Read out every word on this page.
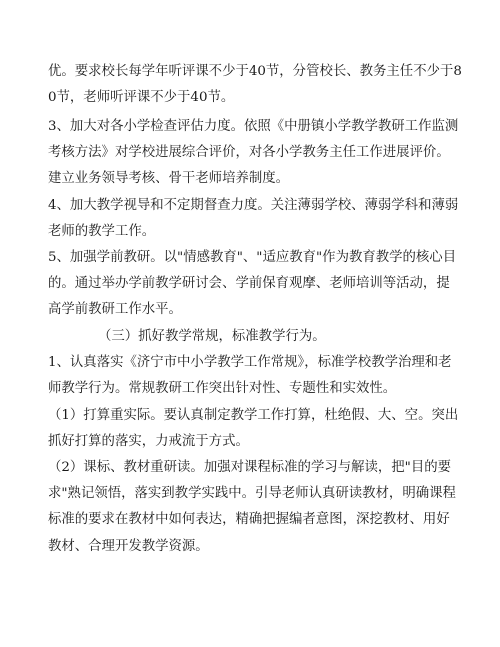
优。要求校长每学年听评课不少于40节，分管校长、教务主任不少于8
0节，老师听评课不少于40节。
3、加大对各小学检查评估力度。依照《中册镇小学教学教研工作监测
考核方法》对学校进展综合评价，对各小学教务主任工作进展评价。
建立业务领导考核、骨干老师培养制度。
4、加大教学视导和不定期督查力度。关注薄弱学校、薄弱学科和薄弱
老师的教学工作。
5、加强学前教研。以"情感教育"、"适应教育"作为教育教学的核心目
的。通过举办学前教学研讨会、学前保育观摩、老师培训等活动，提
高学前教研工作水平。
（三）抓好教学常规，标准教学行为。
1、认真落实《济宁市中小学教学工作常规》，标准学校教学治理和老
师教学行为。常规教研工作突出针对性、专题性和实效性。
（1）打算重实际。要认真制定教学工作打算，杜绝假、大、空。突出
抓好打算的落实，力戒流于方式。
（2）课标、教材重研读。加强对课程标准的学习与解读，把"目的要
求"熟记领悟，落实到教学实践中。引导老师认真研读教材，明确课程
标准的要求在教材中如何表达，精确把握编者意图，深挖教材、用好
教材、合理开发教学资源。
